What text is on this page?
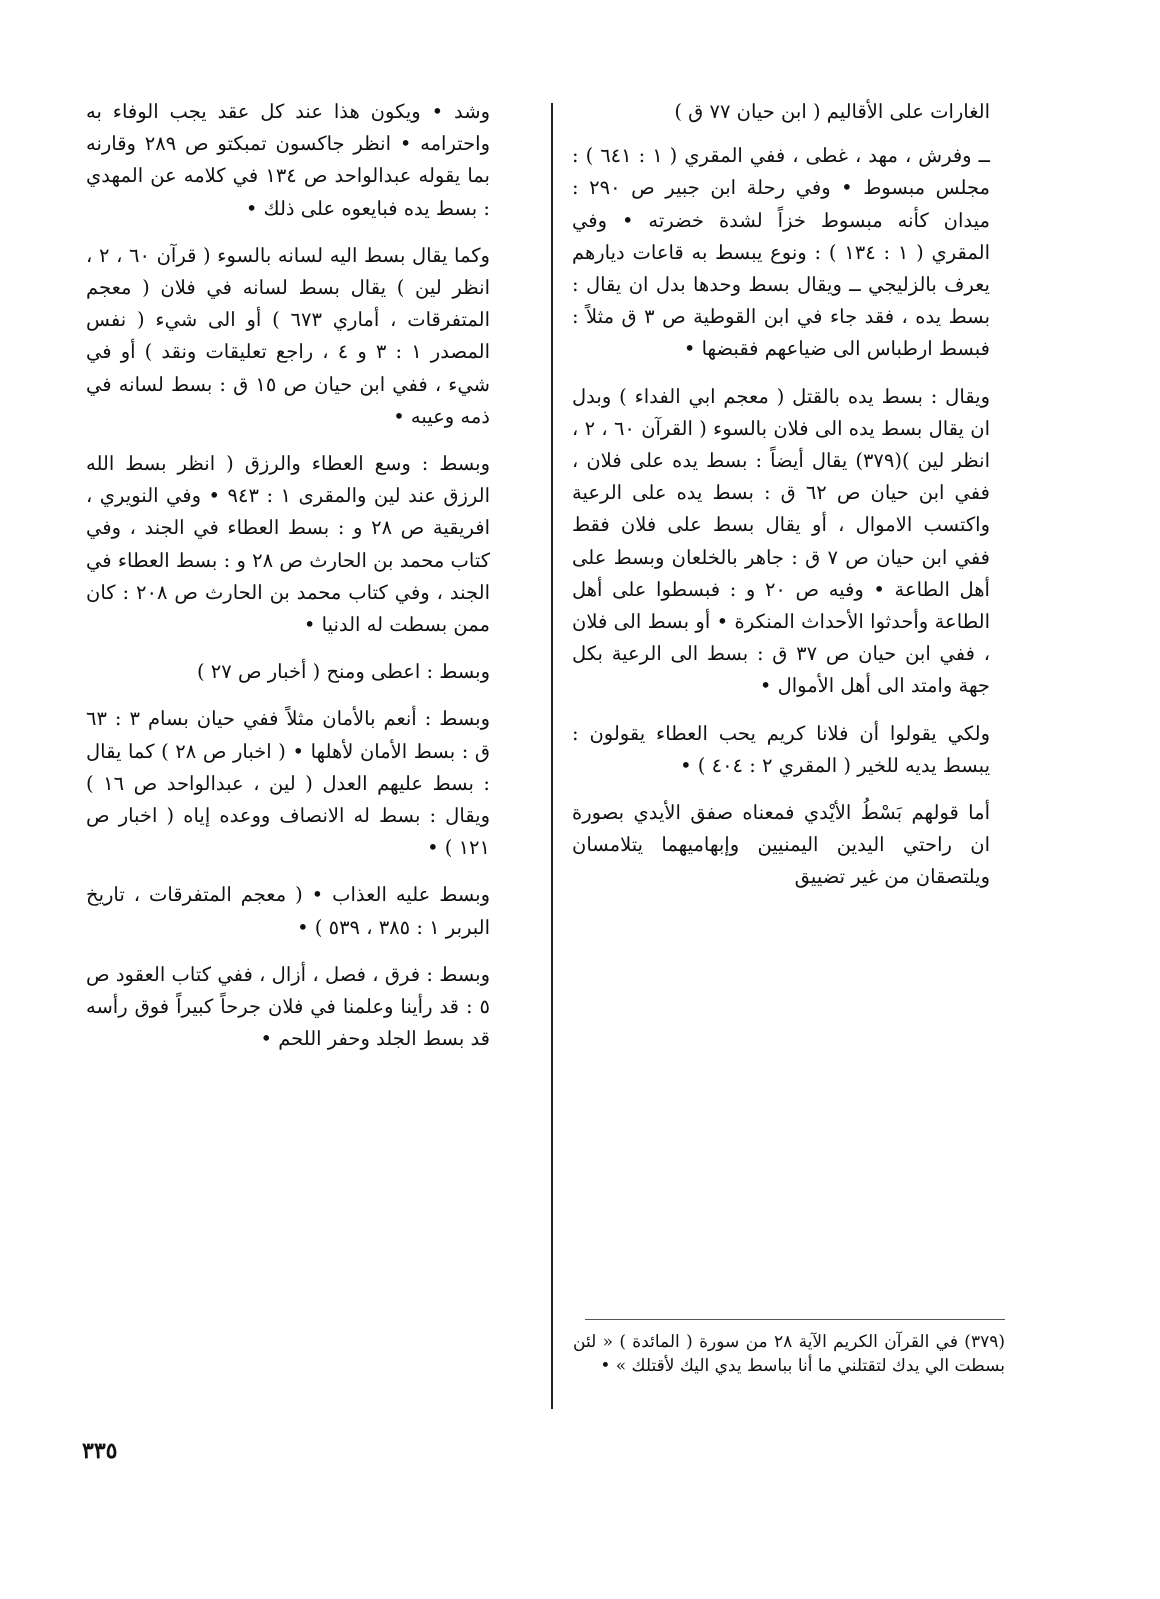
الغارات على الأقاليم ( ابن حيان ٧٧ ق )

ــ وفرش ، مهد ، غطى ، ففي المقري ( ١ : ٦٤١ ) : مجلس مبسوط • وفي رحلة ابن جبير ص ٢٩٠ : ميدان كأنه مبسوط خزاً لشدة خضرته • وفي المقري ( ١ : ١٣٤ ) : ونوع يبسط به قاعات ديارهم يعرف بالزليجي ــ ويقال بسط وحدها بدل ان يقال : بسط يده ، فقد جاء في ابن القوطية ص ٣ ق مثلاً : فبسط ارطباس الى ضياعهم فقبضها •

ويقال : بسط يده بالقتل ( معجم ابي الفداء ) وبدل ان يقال بسط يده الى فلان بالسوء ( القرآن ٦٠ ، ٢ ، انظر لين )(٣٧٩) يقال أيضاً : بسط يده على فلان ، ففي ابن حيان ص ٦٢ ق : بسط يده على الرعية واكتسب الاموال ، أو يقال بسط على فلان فقط ففي ابن حيان ص ٧ ق : جاهر بالخلعان وبسط على أهل الطاعة • وفيه ص ٢٠ و : فبسطوا على أهل الطاعة وأحدثوا الأحداث المنكرة • أو بسط الى فلان ، ففي ابن حيان ص ٣٧ ق : بسط الى الرعية بكل جهة وامتد الى أهل الأموال •

ولكي يقولوا أن فلانا كريم يحب العطاء يقولون : يبسط يديه للخير ( المقري ٢ : ٤٠٤ ) •

أما قولهم بَسْطُ الأيْدي فمعناه صفق الأيدي بصورة ان راحتي اليدين اليمنيين وإبهاميهما يتلامسان ويلتصقان من غير تضييق

وشد • ويكون هذا عند كل عقد يجب الوفاء به واحترامه • انظر جاكسون تمبكتو ص ٢٨٩ وقارنه بما يقوله عبدالواحد ص ١٣٤ في كلامه عن المهدي : بسط يده فبايعوه على ذلك •

وكما يقال بسط اليه لسانه بالسوء ( قرآن ٦٠ ، ٢ ، انظر لين ) يقال بسط لسانه في فلان ( معجم المتفرقات ، أماري ٦٧٣ ) أو الى شيء ( نفس المصدر ١ : ٣ و ٤ ، راجع تعليقات ونقد ) أو في شيء ، ففي ابن حيان ص ١٥ ق : بسط لسانه في ذمه وعيبه •

وبسط : وسع العطاء والرزق ( انظر بسط الله الرزق عند لين والمقرى ١ : ٩٤٣ • وفي النويري ، افريقية ص ٢٨ و : بسط العطاء في الجند ، وفي كتاب محمد بن الحارث ص ٢٨ و : بسط العطاء في الجند ، وفي كتاب محمد بن الحارث ص ٢٠٨ : كان ممن بسطت له الدنيا •

وبسط : اعطى ومنح ( أخبار ص ٢٧ )

وبسط : أنعم بالأمان مثلاً ففي حيان بسام ٣ : ٦٣ ق : بسط الأمان لأهلها • ( اخبار ص ٢٨ ) كما يقال : بسط عليهم العدل ( لين ، عبدالواحد ص ١٦ ) ويقال : بسط له الانصاف ووعده إياه ( اخبار ص ١٢١ ) •

وبسط عليه العذاب • ( معجم المتفرقات ، تاريخ البربر ١ : ٣٨٥ ، ٥٣٩ ) •

وبسط : فرق ، فصل ، أزال ، ففي كتاب العقود ص ٥ : قد رأينا وعلمنا في فلان جرحاً كبيراً فوق رأسه قد بسط الجلد وحفر اللحم •

(٣٧٩) في القرآن الكريم الآية ٢٨ من سورة ( المائدة ) « لئن بسطت الي يدك لتقتلني ما أنا بباسط يدي اليك لأقتلك » •
٣٣٥
